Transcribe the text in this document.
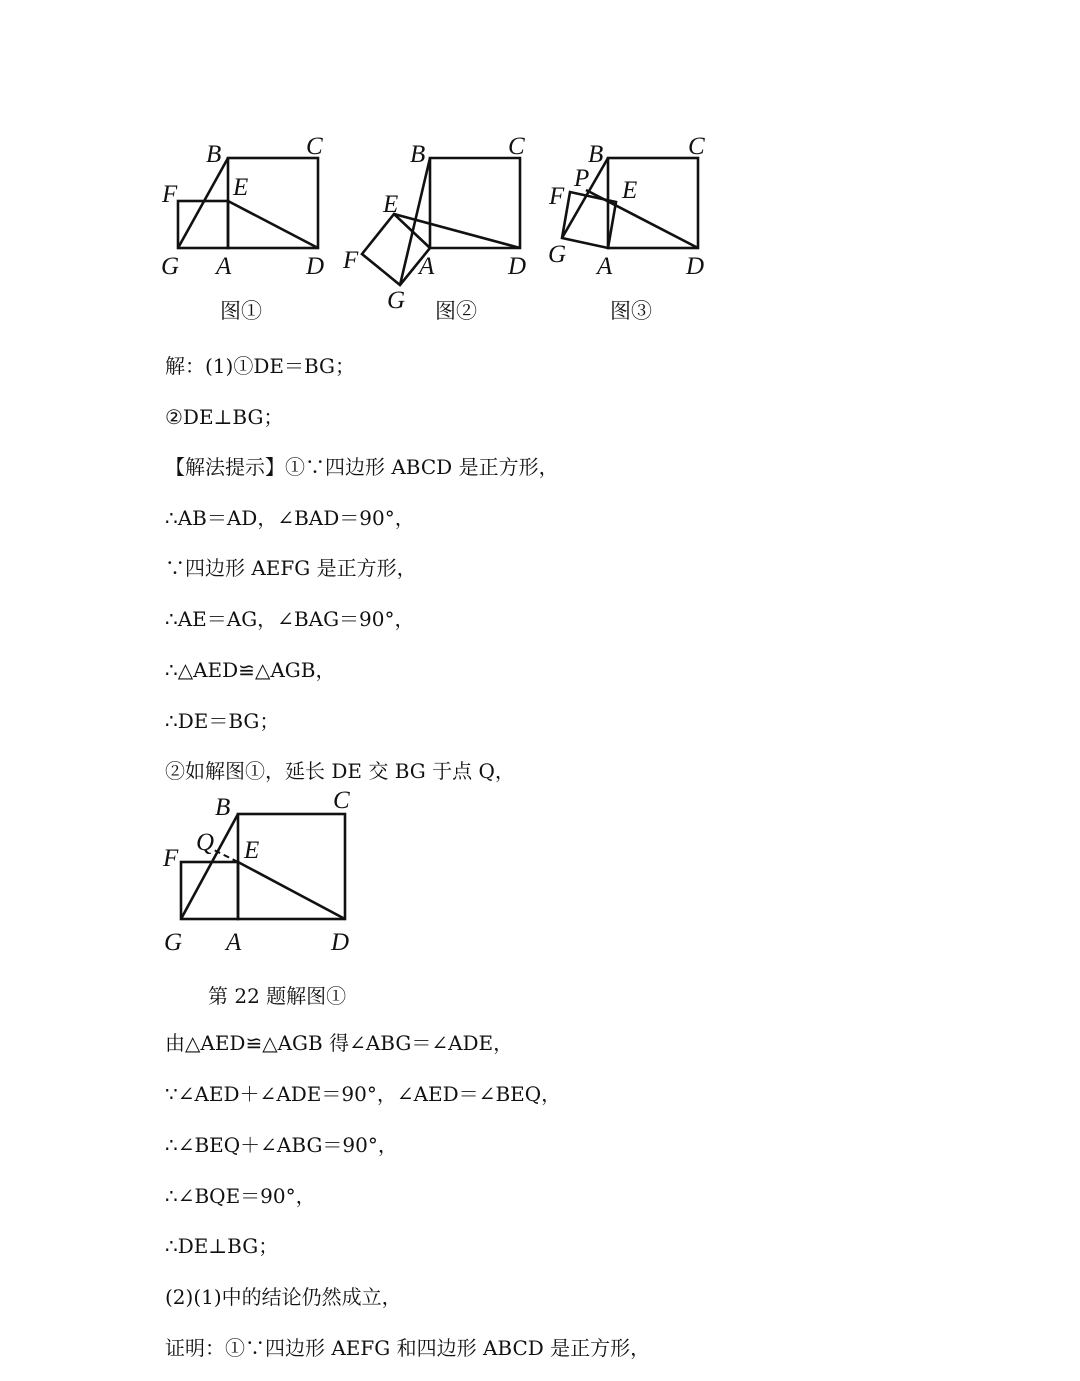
B	C
F E
G A	D
图①
B	C
E
F A	D
G 图②
B	C
P E
F
G A	D
图③
B	C
Q E
F
G A	D
解：(1)①DE＝BG；
②DE⊥BG；
【解法提示】①∵四边形 ABCD 是正方形，
∴AB＝AD，∠BAD＝90°，
∵四边形 AEFG 是正方形，
∴AE＝AG，∠BAG＝90°，
∴△AED≌△AGB，
∴DE＝BG；
②如解图①，延长 DE 交 BG 于点 Q，
第 22 题解图①
由△AED≌△AGB 得∠ABG＝∠ADE，
∵∠AED＋∠ADE＝90°，∠AED＝∠BEQ，
∴∠BEQ＋∠ABG＝90°，
∴∠BQE＝90°，
∴DE⊥BG；
(2)(1)中的结论仍然成立，
证明：①∵四边形 AEFG 和四边形 ABCD 是正方形，
